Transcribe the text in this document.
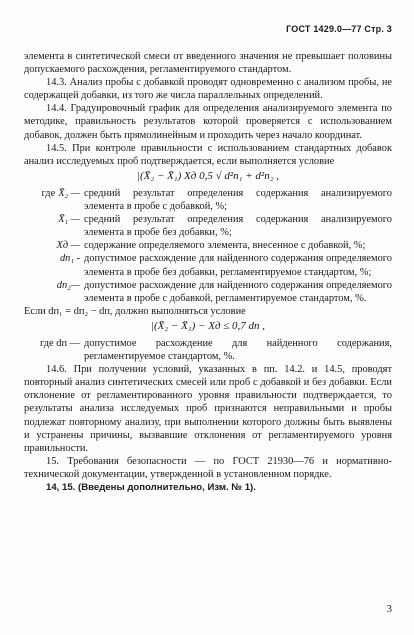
ГОСТ 1429.0—77 Стр. 3

элемента в синтетической смеси от введенного значения не превышает половины допускаемого расхождения, регламентируемого стандартом.

14.3. Анализ пробы с добавкой проводят одновременно с анализом пробы, не содержащей добавки, из того же числа параллельных определений.

14.4. Градуировочный график для определения анализируемого элемента по методике, правильность результатов которой проверяется с использованием добавок, должен быть прямолинейным и проходить через начало координат.

14.5. При контроле правильности с использованием стандартных добавок анализ исследуемых проб подтверждается, если выполняется условие

|(X̄₂ − X̄₁) Xд 0,5 √ d²п₁ + d²п₂ ,
где X̄₂ — средний результат определения содержания анализируемого элемента в пробе с добавкой, %;
X̄₁ — средний результат определения содержания анализируемого элемента в пробе без добавки, %;
Xд — содержание определяемого элемента, внесенное с добавкой, %;
dп₁ - допустимое расхождение для найденного содержания определяемого элемента в пробе без добавки, регламентируемое стандартом, %;
dп₂— допустимое расхождение для найденного содержания определяемого элемента в пробе с добавкой, регламентируемое стандартом, %.

Если dп₁ = dп₂ − dп, должно выполняться условие

|(X̄₂ − X̄₁) − Xд ≤ 0,7 dп ,
где dп — допустимое расхождение для найденного содержания, регламентируемое стандартом, %.

14.6. При получении условий, указанных в пп. 14.2. и 14.5, проводят повторный анализ синтетических смесей или проб с добавкой и без добавки. Если отклонение от регламентированного уровня правильности подтверждается, то результаты анализа исследуемых проб признаются неправильными и пробы подлежат повторному анализу, при выполнении которого должны быть выявлены и устранены причины, вызвавшие отклонения от регламентируемого уровня правильности.

15. Требования безопасности — по ГОСТ 21930—76 и нормативно-технической документации, утвержденной в установленном порядке.

14, 15. (Введены дополнительно, Изм. № 1).

3
